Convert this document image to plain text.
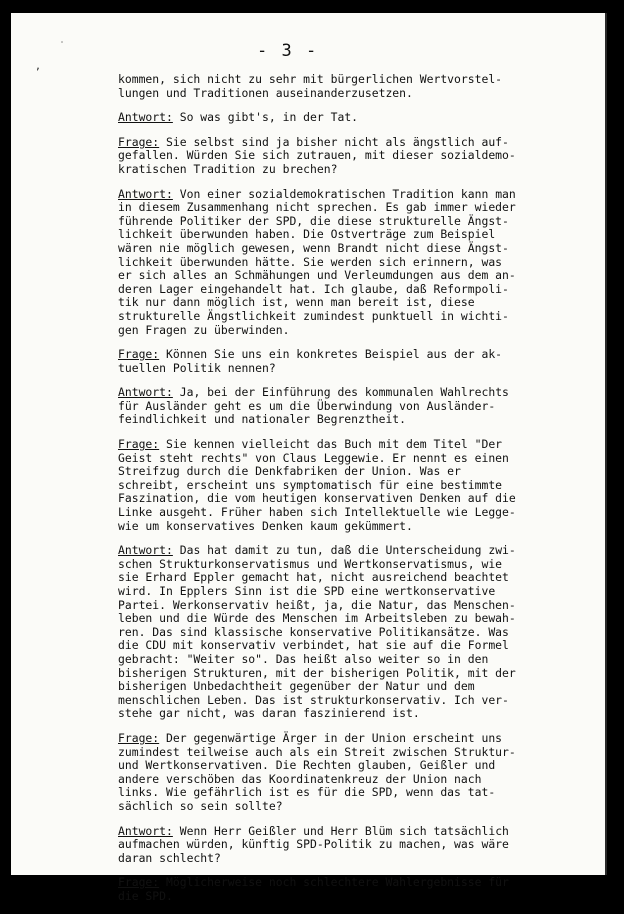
- 3 -
˙
,
kommen, sich nicht zu sehr mit bürgerlichen Wertvorstel-
lungen und Traditionen auseinanderzusetzen.
Antwort: So was gibt's, in der Tat.
Frage: Sie selbst sind ja bisher nicht als ängstlich auf-
gefallen. Würden Sie sich zutrauen, mit dieser sozialdemo-
kratischen Tradition zu brechen?
Antwort: Von einer sozialdemokratischen Tradition kann man
in diesem Zusammenhang nicht sprechen. Es gab immer wieder
führende Politiker der SPD, die diese strukturelle Ängst-
lichkeit überwunden haben. Die Ostverträge zum Beispiel
wären nie möglich gewesen, wenn Brandt nicht diese Ängst-
lichkeit überwunden hätte. Sie werden sich erinnern, was
er sich alles an Schmähungen und Verleumdungen aus dem an-
deren Lager eingehandelt hat. Ich glaube, daß Reformpoli-
tik nur dann möglich ist, wenn man bereit ist, diese
strukturelle Ängstlichkeit zumindest punktuell in wichti-
gen Fragen zu überwinden.
Frage: Können Sie uns ein konkretes Beispiel aus der ak-
tuellen Politik nennen?
Antwort: Ja, bei der Einführung des kommunalen Wahlrechts
für Ausländer geht es um die Überwindung von Ausländer-
feindlichkeit und nationaler Begrenztheit.
Frage: Sie kennen vielleicht das Buch mit dem Titel "Der
Geist steht rechts" von Claus Leggewie. Er nennt es einen
Streifzug durch die Denkfabriken der Union. Was er
schreibt, erscheint uns symptomatisch für eine bestimmte
Faszination, die vom heutigen konservativen Denken auf die
Linke ausgeht. Früher haben sich Intellektuelle wie Legge-
wie um konservatives Denken kaum gekümmert.
Antwort: Das hat damit zu tun, daß die Unterscheidung zwi-
schen Strukturkonservatismus und Wertkonservatismus, wie
sie Erhard Eppler gemacht hat, nicht ausreichend beachtet
wird. In Epplers Sinn ist die SPD eine wertkonservative
Partei. Werkonservativ heißt, ja, die Natur, das Menschen-
leben und die Würde des Menschen im Arbeitsleben zu bewah-
ren. Das sind klassische konservative Politikansätze. Was
die CDU mit konservativ verbindet, hat sie auf die Formel
gebracht: "Weiter so". Das heißt also weiter so in den
bisherigen Strukturen, mit der bisherigen Politik, mit der
bisherigen Unbedachtheit gegenüber der Natur und dem
menschlichen Leben. Das ist strukturkonservativ. Ich ver-
stehe gar nicht, was daran faszinierend ist.
Frage: Der gegenwärtige Ärger in der Union erscheint uns
zumindest teilweise auch als ein Streit zwischen Struktur-
und Wertkonservativen. Die Rechten glauben, Geißler und
andere verschöben das Koordinatenkreuz der Union nach
links. Wie gefährlich ist es für die SPD, wenn das tat-
sächlich so sein sollte?
Antwort: Wenn Herr Geißler und Herr Blüm sich tatsächlich
aufmachen würden, künftig SPD-Politik zu machen, was wäre
daran schlecht?
Frage: Möglicherweise noch schlechtere Wahlergebnisse für
die SPD.
